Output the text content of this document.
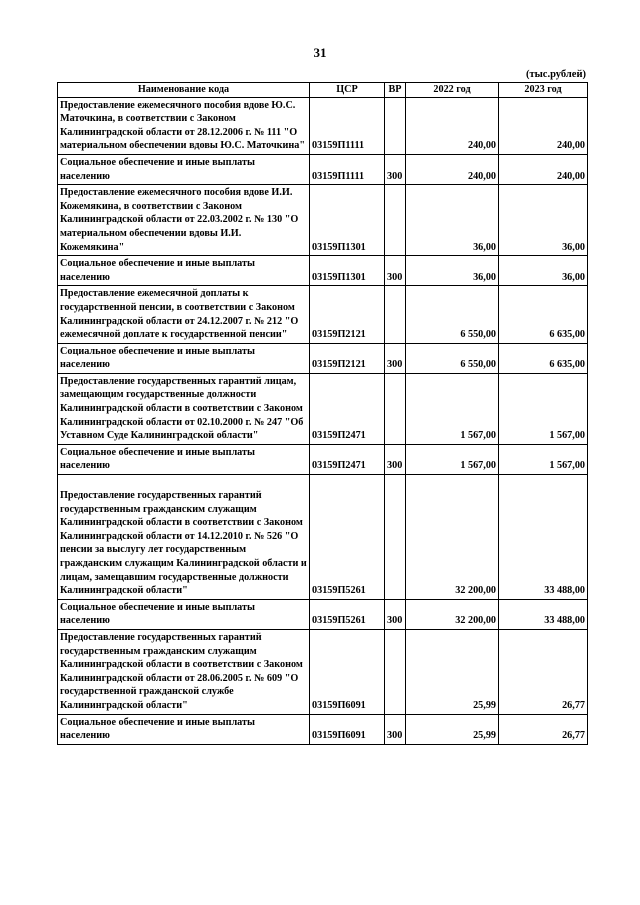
31
(тыс.рублей)
Наименование кода	ЦСР	ВР	2022 год	2023 год
Предоставление ежемесячного пособия вдове Ю.С. Маточкина, в соответствии с Законом Калининградской области от 28.12.2006 г. № 111 "О материальном обеспечении вдовы Ю.С. Маточкина"	03159П1111		240,00	240,00
Социальное обеспечение и иные выплаты населению	03159П1111	300	240,00	240,00
Предоставление ежемесячного пособия вдове И.И. Кожемякина, в соответствии с Законом Калининградской области от 22.03.2002 г. № 130 "О материальном обеспечении вдовы И.И. Кожемякина"	03159П1301		36,00	36,00
Социальное обеспечение и иные выплаты населению	03159П1301	300	36,00	36,00
Предоставление ежемесячной доплаты к государственной пенсии, в соответствии с Законом Калининградской области от 24.12.2007 г. № 212 "О ежемесячной доплате к государственной пенсии"	03159П2121		6 550,00	6 635,00
Социальное обеспечение и иные выплаты населению	03159П2121	300	6 550,00	6 635,00
Предоставление государственных гарантий лицам, замещающим государственные должности Калининградской области в соответствии с Законом Калининградской области от 02.10.2000 г. № 247 "Об Уставном Суде Калининградской области"	03159П2471		1 567,00	1 567,00
Социальное обеспечение и иные выплаты населению	03159П2471	300	1 567,00	1 567,00
Предоставление государственных гарантий государственным гражданским служащим Калининградской области в соответствии с Законом Калининградской области от 14.12.2010 г. № 526 "О пенсии за выслугу лет государственным гражданским служащим Калининградской области и лицам, замещавшим государственные должности Калининградской области"	03159П5261		32 200,00	33 488,00
Социальное обеспечение и иные выплаты населению	03159П5261	300	32 200,00	33 488,00
Предоставление государственных гарантий государственным гражданским служащим Калининградской области в соответствии с Законом Калининградской области от 28.06.2005 г. № 609 "О государственной гражданской службе Калининградской области"	03159П6091		25,99	26,77
Социальное обеспечение и иные выплаты населению	03159П6091	300	25,99	26,77
